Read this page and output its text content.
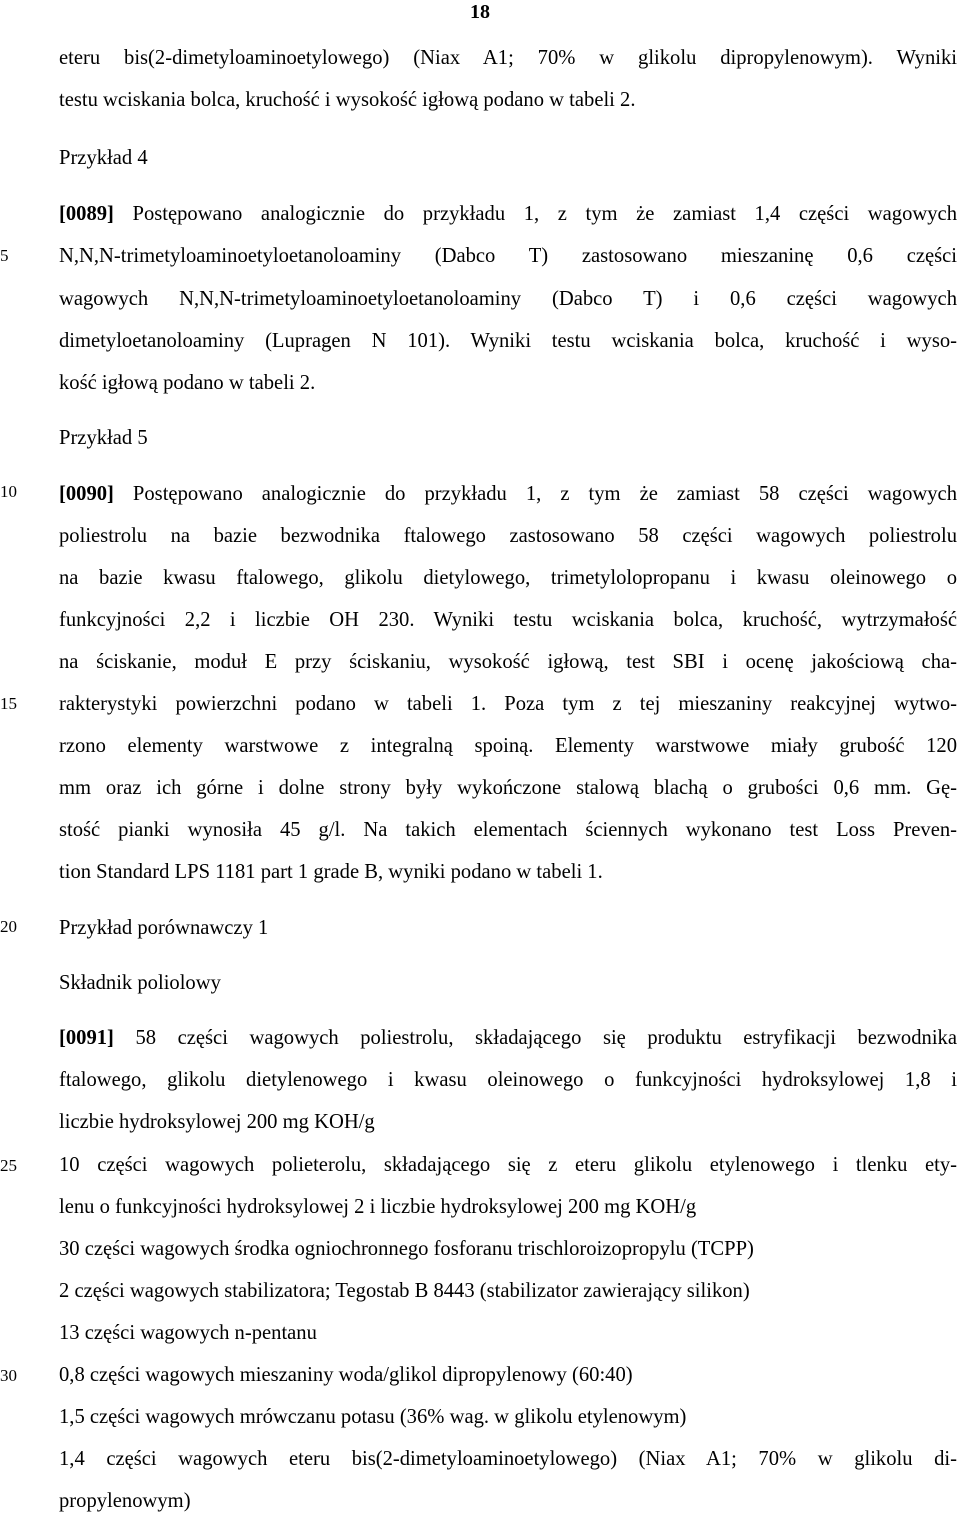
18
5
10
15
20
25
30
eteru bis(2-dimetyloaminoetylowego) (Niax A1; 70% w glikolu dipropylenowym). Wyniki
testu wciskania bolca, kruchość i wysokość igłową podano w tabeli 2.
Przykład 4
[0089] Postępowano analogicznie do przykładu 1, z tym że zamiast 1,4 części wagowych
N,N,N-trimetyloaminoetyloetanoloaminy (Dabco T) zastosowano mieszaninę 0,6 części
wagowych N,N,N-trimetyloaminoetyloetanoloaminy (Dabco T) i 0,6 części wagowych
dimetyloetanoloaminy (Lupragen N 101). Wyniki testu wciskania bolca, kruchość i wyso-
kość igłową podano w tabeli 2.
Przykład 5
[0090] Postępowano analogicznie do przykładu 1, z tym że zamiast 58 części wagowych
poliestrolu na bazie bezwodnika ftalowego zastosowano 58 części wagowych poliestrolu
na bazie kwasu ftalowego, glikolu dietylowego, trimetylolopropanu i kwasu oleinowego o
funkcyjności 2,2 i liczbie OH 230. Wyniki testu wciskania bolca, kruchość, wytrzymałość
na ściskanie, moduł E przy ściskaniu, wysokość igłową, test SBI i ocenę jakościową cha-
rakterystyki powierzchni podano w tabeli 1. Poza tym z tej mieszaniny reakcyjnej wytwo-
rzono elementy warstwowe z integralną spoiną. Elementy warstwowe miały grubość 120
mm oraz ich górne i dolne strony były wykończone stalową blachą o grubości 0,6 mm. Gę-
stość pianki wynosiła 45 g/l. Na takich elementach ściennych wykonano test Loss Preven-
tion Standard LPS 1181 part 1 grade B, wyniki podano w tabeli 1.
Przykład porównawczy 1
Składnik poliolowy
[0091] 58 części wagowych poliestrolu, składającego się produktu estryfikacji bezwodnika
ftalowego, glikolu dietylenowego i kwasu oleinowego o funkcyjności hydroksylowej 1,8 i
liczbie hydroksylowej 200 mg KOH/g
10 części wagowych polieterolu, składającego się z eteru glikolu etylenowego i tlenku ety-
lenu o funkcyjności hydroksylowej 2 i liczbie hydroksylowej 200 mg KOH/g
30 części wagowych środka ogniochronnego fosforanu trischloroizopropylu (TCPP)
2 części wagowych stabilizatora; Tegostab B 8443 (stabilizator zawierający silikon)
13 części wagowych n-pentanu
0,8 części wagowych mieszaniny woda/glikol dipropylenowy (60:40)
1,5 części wagowych mrówczanu potasu (36% wag. w glikolu etylenowym)
1,4 części wagowych eteru bis(2-dimetyloaminoetylowego) (Niax A1; 70% w glikolu di-
propylenowym)
